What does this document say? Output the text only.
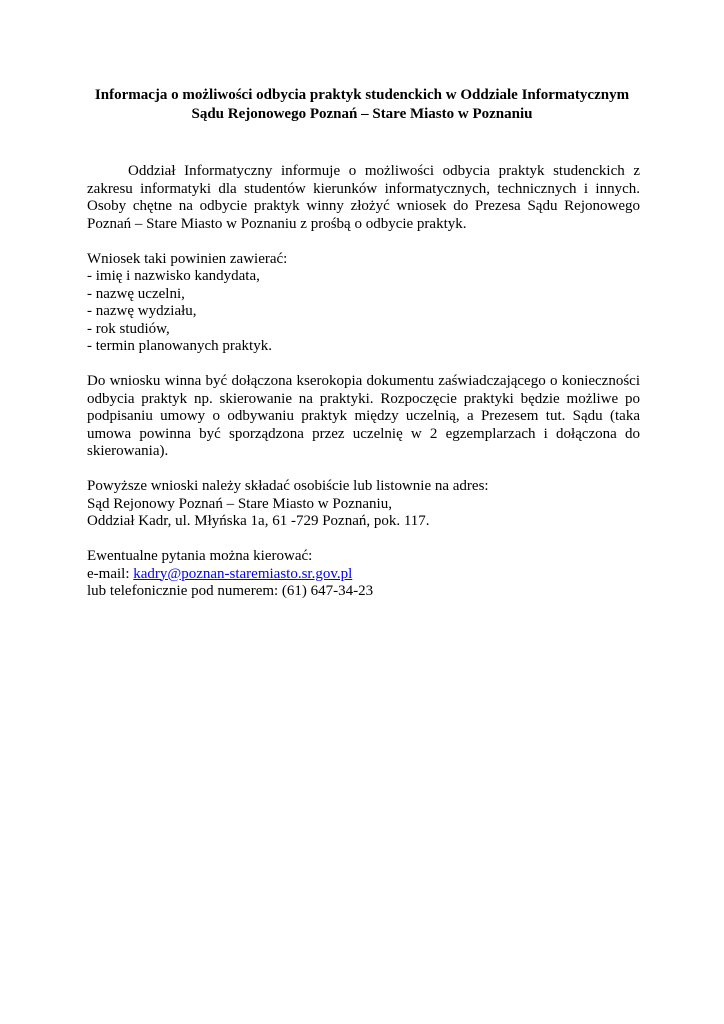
Informacja o możliwości odbycia praktyk studenckich w Oddziale Informatycznym
Sądu Rejonowego Poznań – Stare Miasto w Poznaniu

Oddział Informatyczny informuje o możliwości odbycia praktyk studenckich z zakresu informatyki dla studentów kierunków informatycznych, technicznych i innych. Osoby chętne na odbycie praktyk winny złożyć wniosek do Prezesa Sądu Rejonowego Poznań – Stare Miasto w Poznaniu z prośbą o odbycie praktyk.

Wniosek taki powinien zawierać:
- imię i nazwisko kandydata,
- nazwę uczelni,
- nazwę wydziału,
- rok studiów,
- termin planowanych praktyk.

Do wniosku winna być dołączona kserokopia dokumentu zaświadczającego o konieczności odbycia praktyk np. skierowanie na praktyki. Rozpoczęcie praktyki będzie możliwe po podpisaniu umowy o odbywaniu praktyk między uczelnią, a Prezesem tut. Sądu (taka umowa powinna być sporządzona przez uczelnię w 2 egzemplarzach i dołączona do skierowania).

Powyższe wnioski należy składać osobiście lub listownie na adres:
Sąd Rejonowy Poznań – Stare Miasto w Poznaniu,
Oddział Kadr, ul. Młyńska 1a, 61 -729 Poznań, pok. 117.
Ewentualne pytania można kierować:
e-mail: kadry@poznan-staremiasto.sr.gov.pl
lub telefonicznie pod numerem: (61) 647-34-23
